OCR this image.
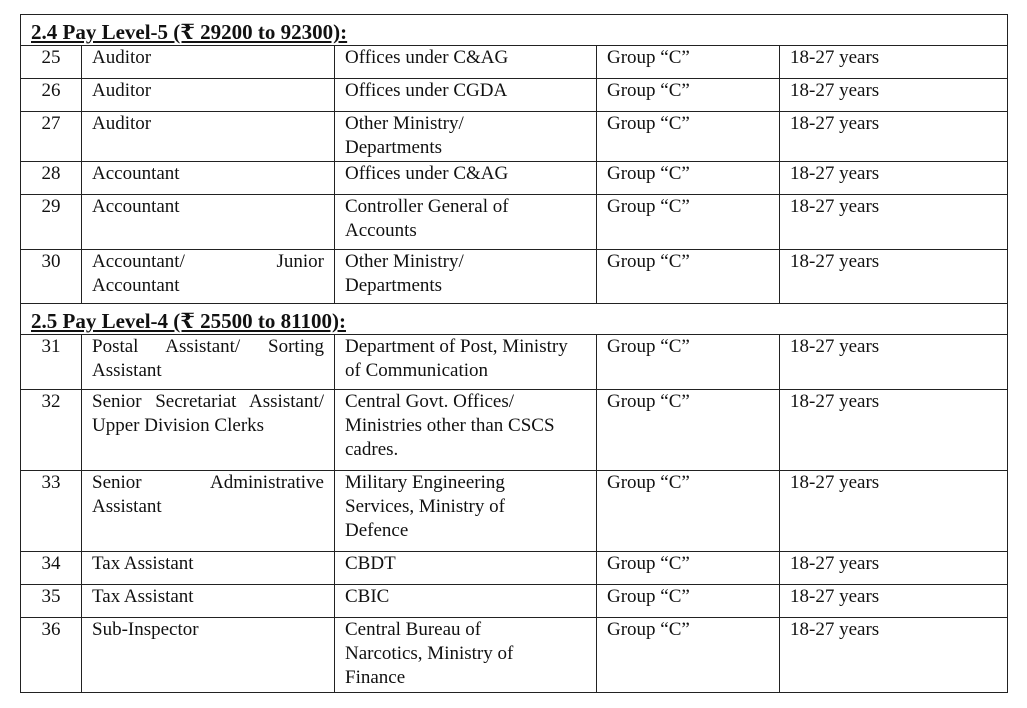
2.4 Pay Level-5 (₹ 29200 to 92300):				
25	Auditor	Offices under C&AG	Group “C”	18-27 years
26	Auditor	Offices under CGDA	Group “C”	18-27 years
27	Auditor	Other Ministry/ Departments	Group “C”	18-27 years
28	Accountant	Offices under C&AG	Group “C”	18-27 years
29	Accountant	Controller General of Accounts	Group “C”	18-27 years
30	Accountant/ Junior Accountant	Other Ministry/ Departments	Group “C”	18-27 years
2.5 Pay Level-4 (₹ 25500 to 81100):				
31	Postal Assistant/ Sorting Assistant	Department of Post, Ministry of Communication	Group “C”	18-27 years
32	Senior Secretariat Assistant/ Upper Division Clerks	Central Govt. Offices/ Ministries other than CSCS cadres.	Group “C”	18-27 years
33	Senior Administrative Assistant	Military Engineering Services, Ministry of Defence	Group “C”	18-27 years
34	Tax Assistant	CBDT	Group “C”	18-27 years
35	Tax Assistant	CBIC	Group “C”	18-27 years
36	Sub-Inspector	Central Bureau of Narcotics, Ministry of Finance	Group “C”	18-27 years
